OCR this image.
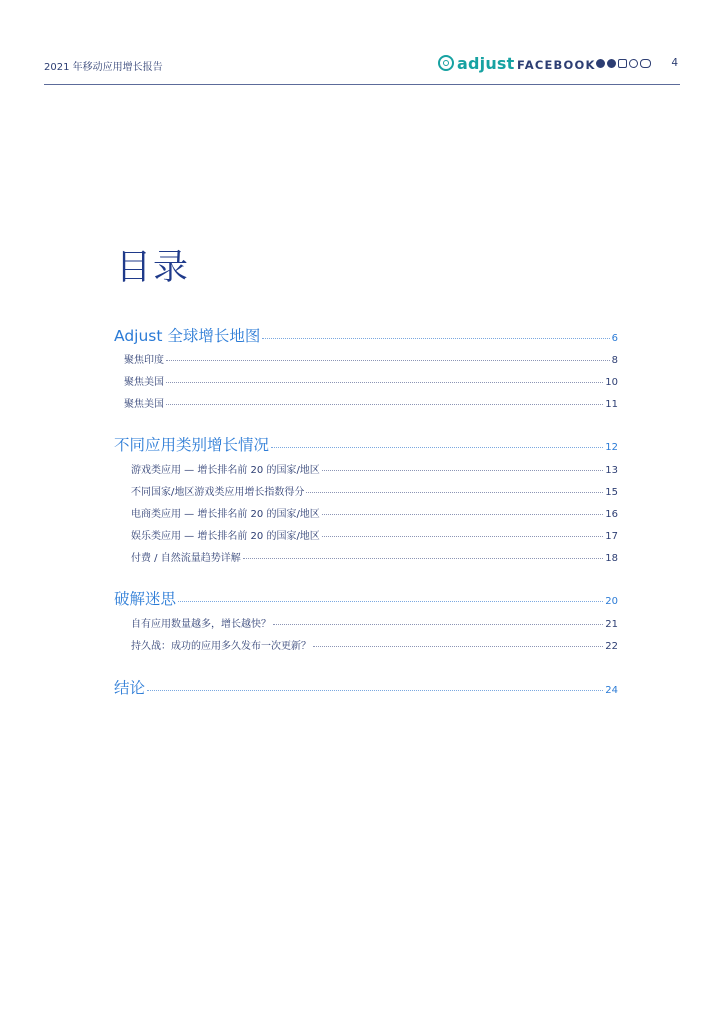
2021 年移动应用增长报告	adjust FACEBOOK	4
目录
Adjust 全球增长地图	6
聚焦印度	8
聚焦美国	10
聚焦美国	11
不同应用类别增长情况	12
游戏类应用 — 增长排名前 20 的国家/地区	13
不同国家/地区游戏类应用增长指数得分	15
电商类应用 — 增长排名前 20 的国家/地区	16
娱乐类应用 — 增长排名前 20 的国家/地区	17
付费 / 自然流量趋势详解	18
破解迷思	20
自有应用数量越多，增长越快？	21
持久战：成功的应用多久发布一次更新？	22
结论	24
